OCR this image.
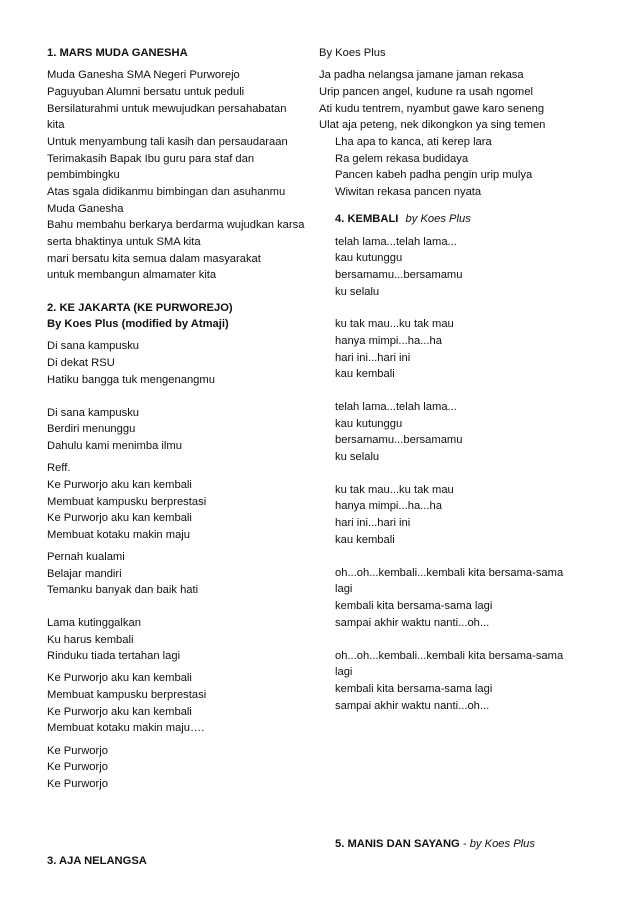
1. MARS MUDA GANESHA
Muda Ganesha SMA Negeri Purworejo
Paguyuban Alumni bersatu untuk peduli
Bersilaturahmi untuk mewujudkan persahabatan
kita
Untuk menyambung tali kasih dan persaudaraan
Terimakasih Bapak Ibu guru para staf dan
pembimbingku
Atas sgala didikanmu bimbingan dan asuhanmu
Muda Ganesha
Bahu membahu berkarya berdarma wujudkan karsa
serta bhaktinya untuk SMA kita
mari bersatu kita semua dalam masyarakat
untuk membangun almamater kita
2. KE JAKARTA (KE PURWOREJO)
By Koes Plus (modified by Atmaji)
Di sana kampusku
Di dekat RSU
Hatiku bangga tuk mengenangmu
Di sana kampusku
Berdiri menunggu
Dahulu kami menimba ilmu
Reff.
Ke Purworjo aku kan kembali
Membuat kampusku berprestasi
Ke Purworjo aku kan kembali
Membuat kotaku makin maju
Pernah kualami
Belajar mandiri
Temanku banyak dan baik hati
Lama kutinggalkan
Ku harus kembali
Rinduku tiada tertahan lagi
Ke Purworjo aku kan kembali
Membuat kampusku berprestasi
Ke Purworjo aku kan kembali
Membuat kotaku makin maju….
Ke Purworjo
Ke Purworjo
Ke Purworjo
3. AJA NELANGSA
By Koes Plus
Ja padha nelangsa jamane jaman rekasa
Urip pancen angel, kudune ra usah ngomel
Ati kudu tentrem, nyambut gawe karo seneng
Ulat aja peteng, nek dikongkon ya sing temen
Lha apa to kanca, ati kerep lara
Ra gelem rekasa budidaya
Pancen kabeh padha pengin urip mulya
Wiwitan rekasa pancen nyata
4. KEMBALI by Koes Plus
telah lama...telah lama...
kau kutunggu
bersamamu...bersamamu
ku selalu
ku tak mau...ku tak mau
hanya mimpi...ha...ha
hari ini...hari ini
kau kembali
telah lama...telah lama...
kau kutunggu
bersamamu...bersamamu
ku selalu
ku tak mau...ku tak mau
hanya mimpi...ha...ha
hari ini...hari ini
kau kembali
oh...oh...kembali...kembali kita bersama-sama
lagi
kembali kita bersama-sama lagi
sampai akhir waktu nanti...oh...
oh...oh...kembali...kembali kita bersama-sama
lagi
kembali kita bersama-sama lagi
sampai akhir waktu nanti...oh...
5. MANIS DAN SAYANG - by Koes Plus
